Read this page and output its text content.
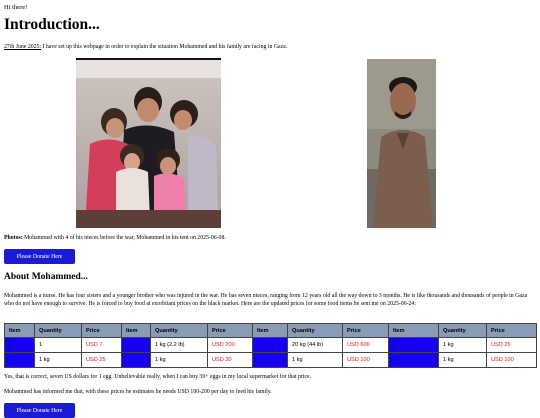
Hi there!
Introduction...
27th June 2025: I have set up this webpage in order to explain the situation Mohammed and his family are facing in Gaza.
Photos: Mohammed with 4 of his nieces before the war, Mohammed in his tent on 2025-06-08.
Please Donate Here
About Mohammed...
Mohammed is a nurse. He has four sisters and a younger brother who was injured in the war. He has seven nieces, ranging from 12 years old all the way down to 3 months. He is like thousands and thousands of people in Gaza who do not have enough to survive. He is forced to buy food at exorbitant prices on the black market. Here are the updated prices for some food items he sent me on 2025-06-24:
Item	Quantity	Price	Item	Quantity	Price	Item	Quantity	Price	Item	Quantity	Price
Egg	1	USD 7	Flour	1 kg (2.2 lb)	USD 200	Flour	20 kg (44 lb)	USD 600	Tomatoes	1 kg	USD 25
Sugar	1 kg	USD 25	Rice	1 kg	USD 30	Lentils	1 kg	USD 100	Coffee	1 kg	USD 100
Yes, that is correct, seven US dollars for 1 egg. Unbelievable really, when I can buy 30+ eggs in my local supermarket for that price.
Mohammed has informed me that, with these prices he estimates he needs USD 100-200 per day to feed his family.
Please Donate Here
